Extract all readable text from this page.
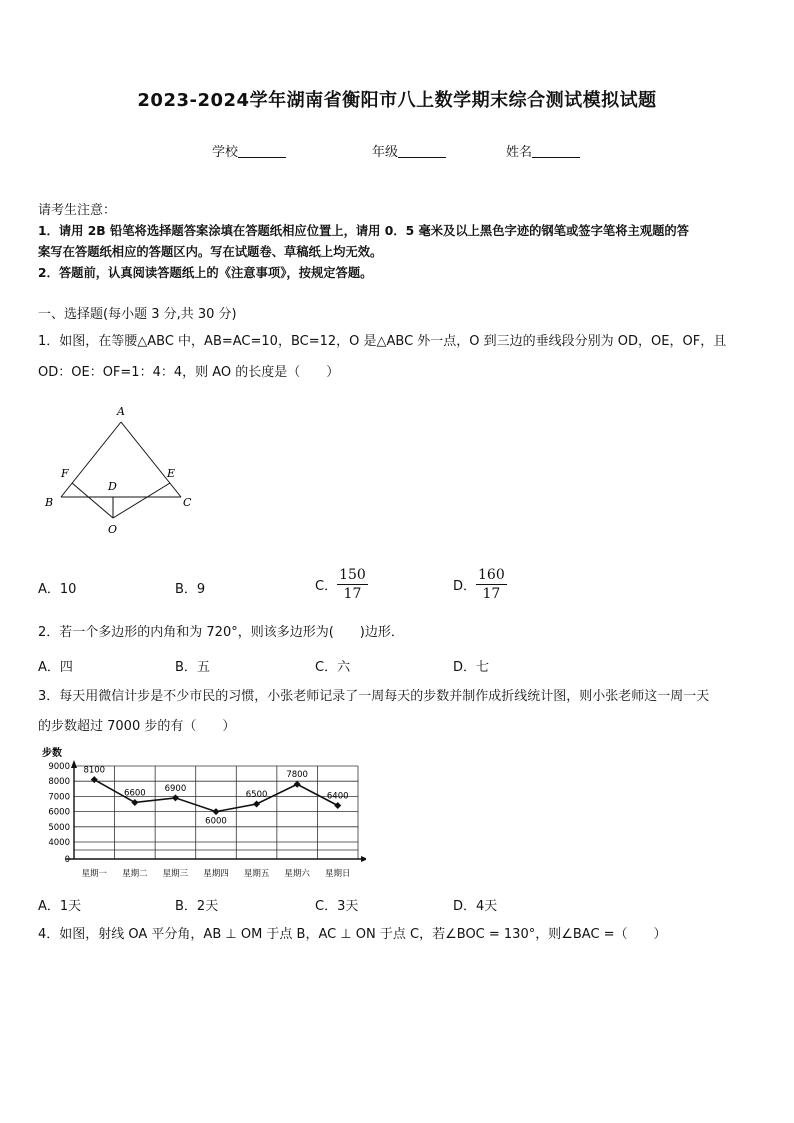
2023-2024学年湖南省衡阳市八上数学期末综合测试模拟试题
学校	年级	姓名
请考生注意：
1．请用 2B 铅笔将选择题答案涂填在答题纸相应位置上，请用 0．5 毫米及以上黑色字迹的钢笔或签字笔将主观题的答
案写在答题纸相应的答题区内。写在试题卷、草稿纸上均无效。
2．答题前，认真阅读答题纸上的《注意事项》，按规定答题。
一、选择题(每小题 3 分,共 30 分)
1．如图，在等腰△ABC 中，AB=AC=10，BC=12，O 是△ABC 外一点，O 到三边的垂线段分别为 OD，OE，OF，且
OD：OE：OF=1：4：4，则 AO 的长度是（　　）
A
B	C
D
E
F
O
A．10	B．9	C． $\frac{150}{17}$	D． $\frac{160}{17}$
2．若一个多边形的内角和为 720°，则该多边形为(　　)边形．
A．四	B．五	C．六	D．七
3．每天用微信计步是不少市民的习惯，小张老师记录了一周每天的步数并制作成折线统计图，则小张老师这一周一天
的步数超过 7000 步的有（　　）
步数
9000
8000
7000
6000
5000
4000
0
星期一 星期二 星期三 星期四 星期五 星期六 星期日
8100
6600 6900
6000
6500
7800
6400
A．1天	B．2天	C．3天	D．4天
4．如图，射线 OA 平分角，AB ⊥ OM 于点 B，AC ⊥ ON 于点 C，若∠BOC = 130°，则∠BAC =（　　）
